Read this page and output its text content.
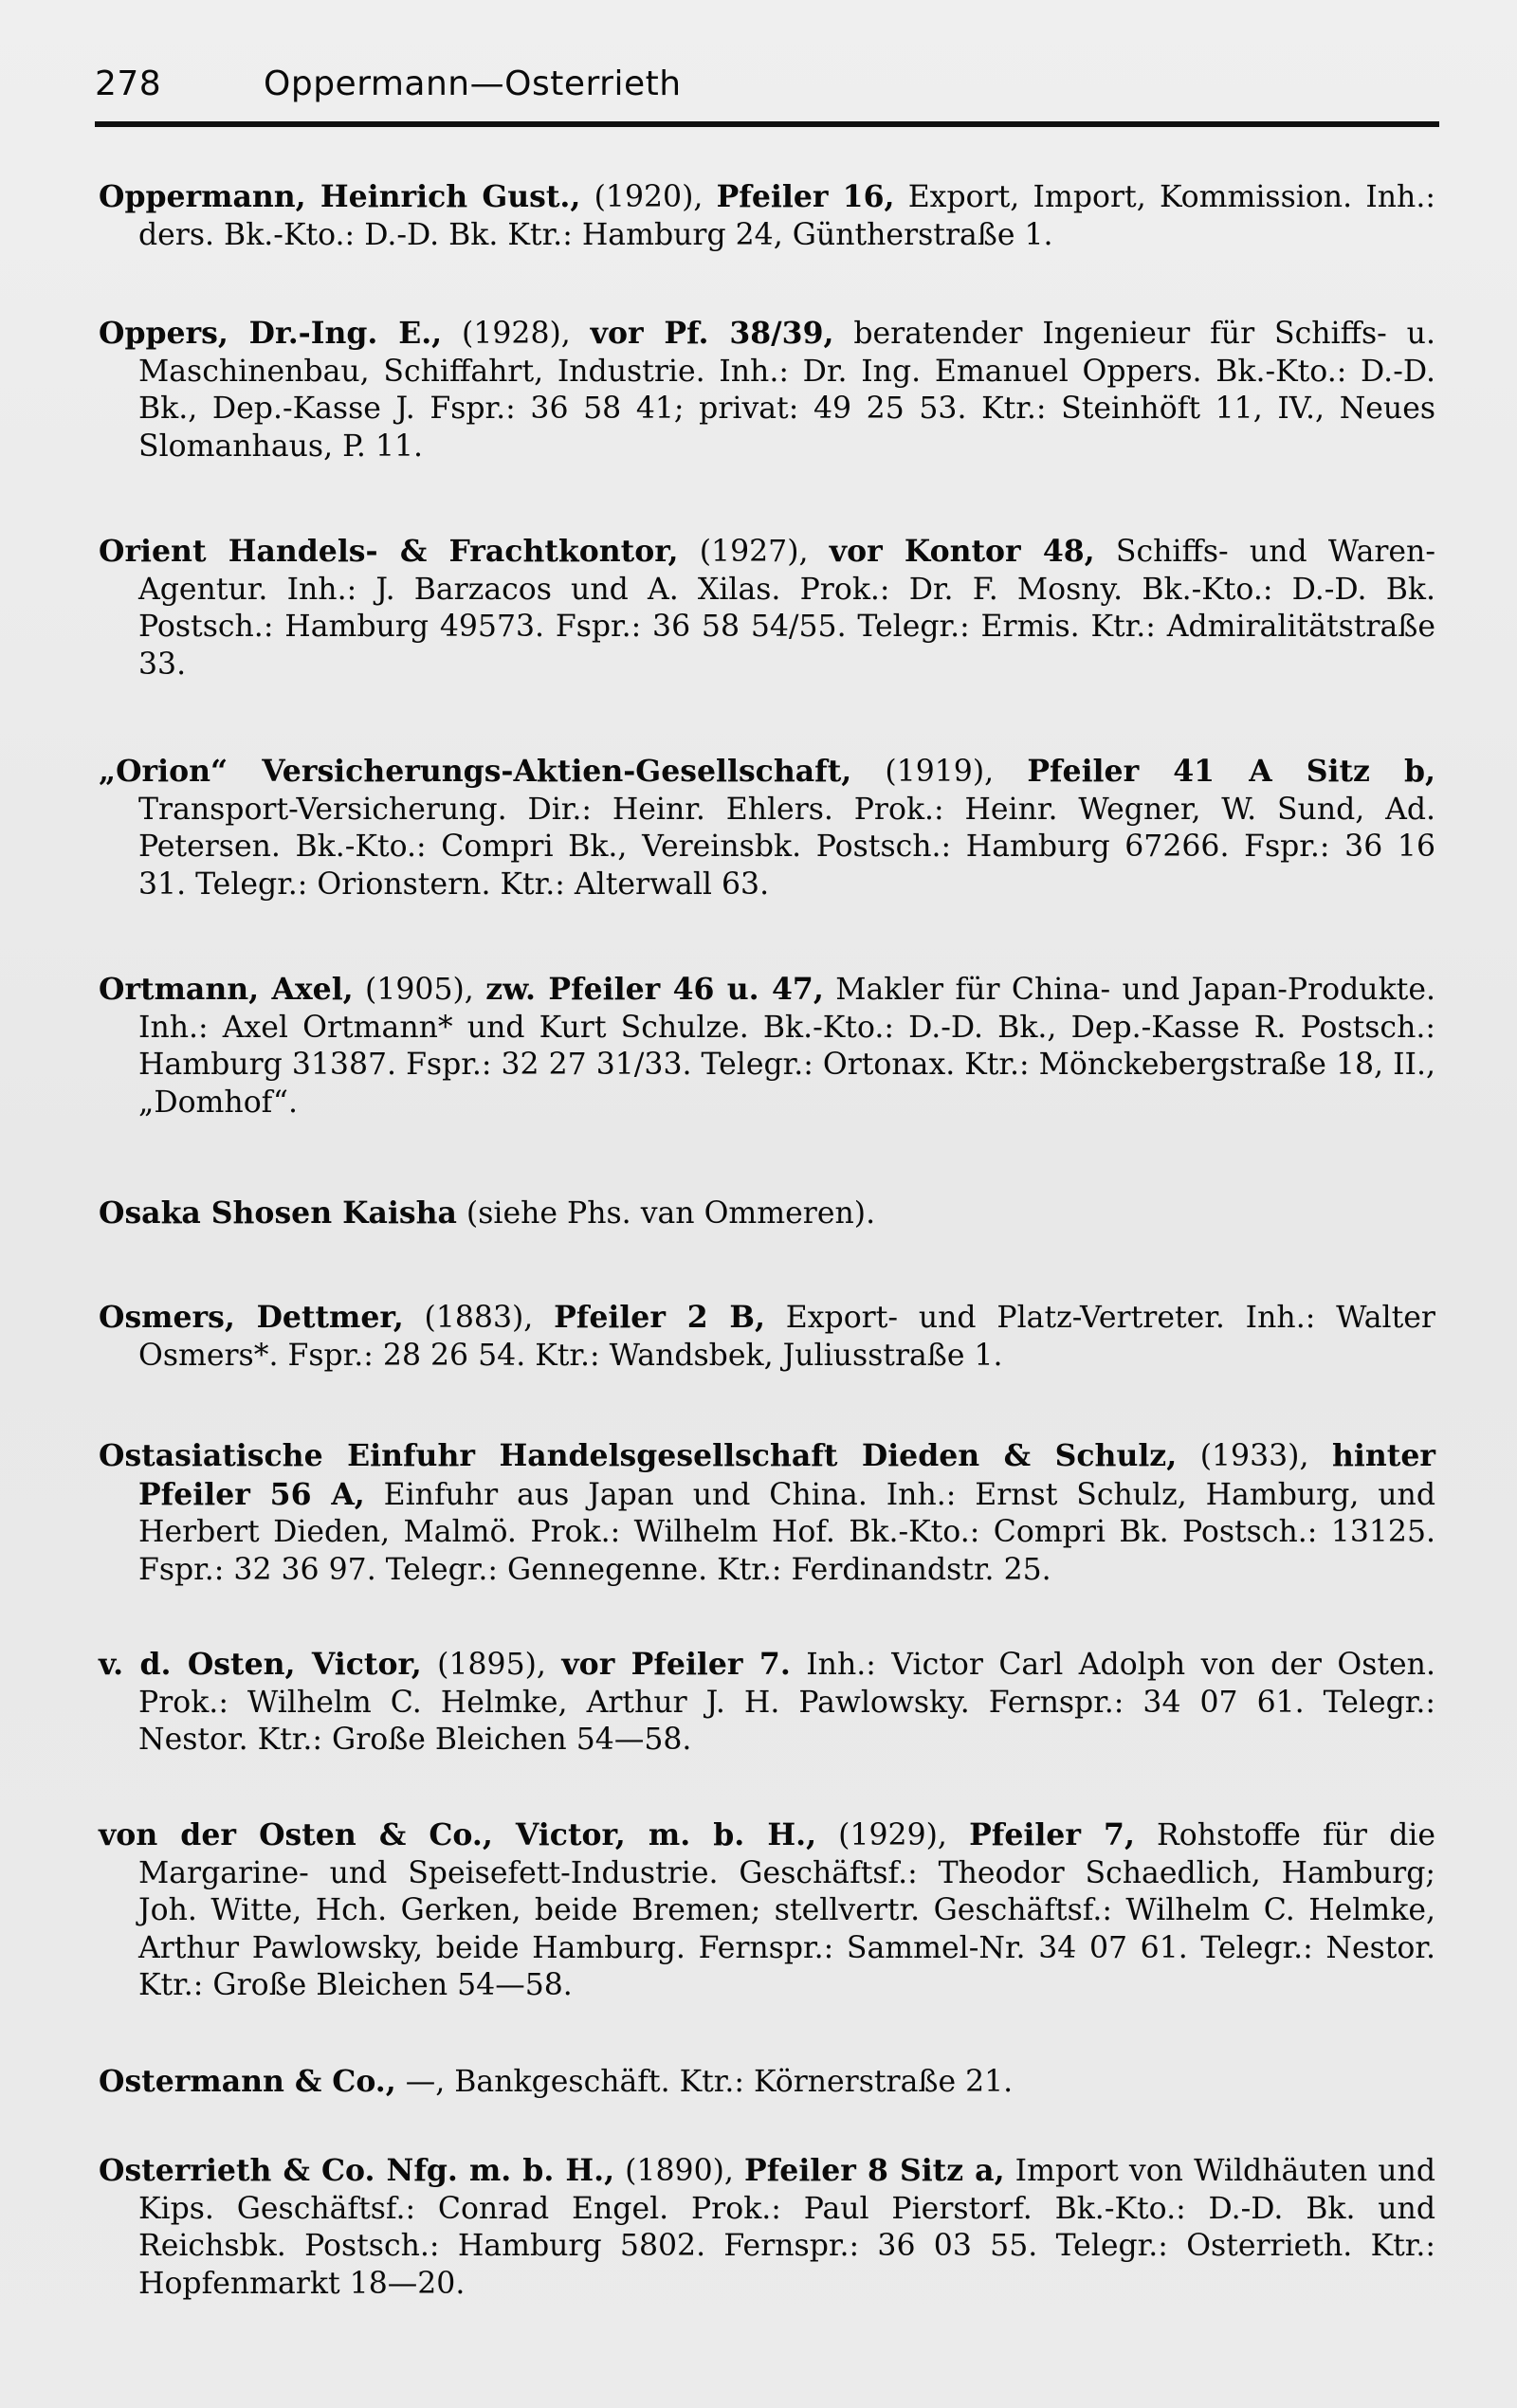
278	Oppermann—Osterrieth
Oppermann, Heinrich Gust., (1920), Pfeiler 16, Export, Import, Kommission. Inh.: ders. Bk.-Kto.: D.-D. Bk. Ktr.: Hamburg 24, Güntherstraße 1.
Oppers, Dr.-Ing. E., (1928), vor Pf. 38/39, beratender Ingenieur für Schiffs- u. Maschinenbau, Schiffahrt, Industrie. Inh.: Dr. Ing. Emanuel Oppers. Bk.-Kto.: D.-D. Bk., Dep.-Kasse J. Fspr.: 36 58 41; privat: 49 25 53. Ktr.: Steinhöft 11, IV., Neues Slomanhaus, P. 11.
Orient Handels- & Frachtkontor, (1927), vor Kontor 48, Schiffs- und Waren-Agentur. Inh.: J. Barzacos und A. Xilas. Prok.: Dr. F. Mosny. Bk.-Kto.: D.-D. Bk. Postsch.: Hamburg 49573. Fspr.: 36 58 54/55. Telegr.: Ermis. Ktr.: Admiralitätstraße 33.
„Orion“ Versicherungs-Aktien-Gesellschaft, (1919), Pfeiler 41 A Sitz b, Transport-Versicherung. Dir.: Heinr. Ehlers. Prok.: Heinr. Wegner, W. Sund, Ad. Petersen. Bk.-Kto.: Compri Bk., Vereinsbk. Postsch.: Hamburg 67266. Fspr.: 36 16 31. Telegr.: Orionstern. Ktr.: Alterwall 63.
Ortmann, Axel, (1905), zw. Pfeiler 46 u. 47, Makler für China- und Japan-Produkte. Inh.: Axel Ortmann* und Kurt Schulze. Bk.-Kto.: D.-D. Bk., Dep.-Kasse R. Postsch.: Hamburg 31387. Fspr.: 32 27 31/33. Telegr.: Ortonax. Ktr.: Mönckebergstraße 18, II., „Domhof“.
Osaka Shosen Kaisha (siehe Phs. van Ommeren).
Osmers, Dettmer, (1883), Pfeiler 2 B, Export- und Platz-Vertreter. Inh.: Walter Osmers*. Fspr.: 28 26 54. Ktr.: Wandsbek, Juliusstraße 1.
Ostasiatische Einfuhr Handelsgesellschaft Dieden & Schulz, (1933), hinter Pfeiler 56 A, Einfuhr aus Japan und China. Inh.: Ernst Schulz, Hamburg, und Herbert Dieden, Malmö. Prok.: Wilhelm Hof. Bk.-Kto.: Compri Bk. Postsch.: 13125. Fspr.: 32 36 97. Telegr.: Gennegenne. Ktr.: Ferdinandstr. 25.
v. d. Osten, Victor, (1895), vor Pfeiler 7. Inh.: Victor Carl Adolph von der Osten. Prok.: Wilhelm C. Helmke, Arthur J. H. Pawlowsky. Fernspr.: 34 07 61. Telegr.: Nestor. Ktr.: Große Bleichen 54—58.
von der Osten & Co., Victor, m. b. H., (1929), Pfeiler 7, Rohstoffe für die Margarine- und Speisefett-Industrie. Geschäftsf.: Theodor Schaedlich, Hamburg; Joh. Witte, Hch. Gerken, beide Bremen; stellvertr. Geschäftsf.: Wilhelm C. Helmke, Arthur Pawlowsky, beide Hamburg. Fernspr.: Sammel-Nr. 34 07 61. Telegr.: Nestor. Ktr.: Große Bleichen 54—58.
Ostermann & Co., —, Bankgeschäft. Ktr.: Körnerstraße 21.
Osterrieth & Co. Nfg. m. b. H., (1890), Pfeiler 8 Sitz a, Import von Wildhäuten und Kips. Geschäftsf.: Conrad Engel. Prok.: Paul Pierstorf. Bk.-Kto.: D.-D. Bk. und Reichsbk. Postsch.: Hamburg 5802. Fernspr.: 36 03 55. Telegr.: Osterrieth. Ktr.: Hopfenmarkt 18—20.
